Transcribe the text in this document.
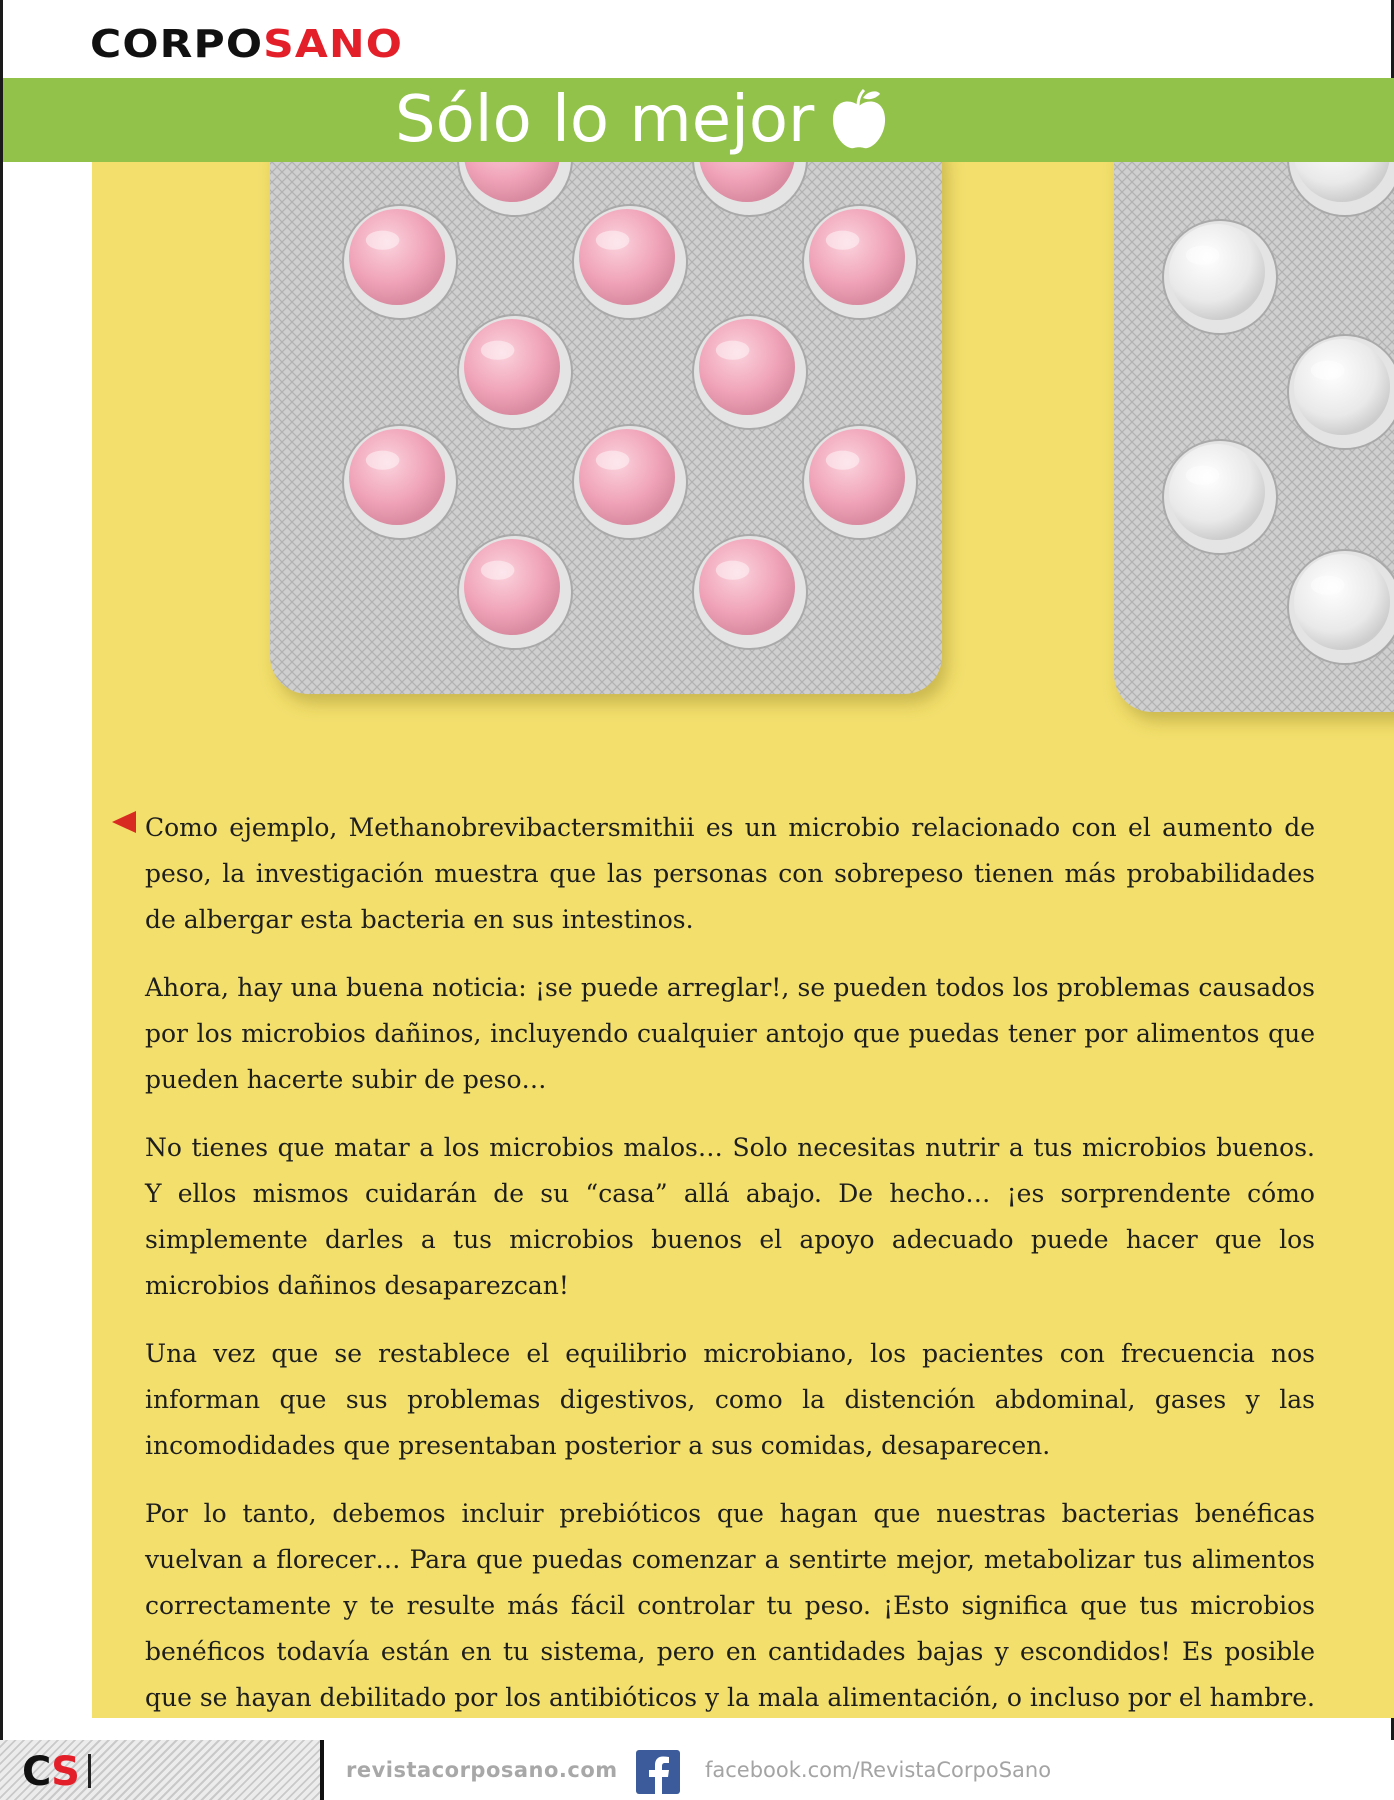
CORPOSANO
Sólo lo mejor

Como ejemplo, Methanobrevibactersmithii es un microbio relacionado con el aumento de peso, la investigación muestra que las personas con sobrepeso tienen más probabilidades de albergar esta bacteria en sus intestinos.

Ahora, hay una buena noticia: ¡se puede arreglar!, se pueden todos los problemas causados por los microbios dañinos, incluyendo cualquier antojo que puedas tener por alimentos que pueden hacerte subir de peso…

No tienes que matar a los microbios malos… Solo necesitas nutrir a tus microbios buenos. Y ellos mismos cuidarán de su “casa” allá abajo. De hecho… ¡es sorprendente cómo simplemente darles a tus microbios buenos el apoyo adecuado puede hacer que los microbios dañinos desaparezcan!

Una vez que se restablece el equilibrio microbiano, los pacientes con frecuencia nos informan que sus problemas digestivos, como la distención abdominal, gases y las incomodidades que presentaban posterior a sus comidas, desaparecen.

Por lo tanto, debemos incluir prebióticos que hagan que nuestras bacterias benéficas vuelvan a florecer… Para que puedas comenzar a sentirte mejor, metabolizar tus alimentos correctamente y te resulte más fácil controlar tu peso. ¡Esto significa que tus microbios benéficos todavía están en tu sistema, pero en cantidades bajas y escondidos! Es posible que se hayan debilitado por los antibióticos y la mala alimentación, o incluso por el hambre.

CS	revistacorposano.com	facebook.com/RevistaCorpoSano
